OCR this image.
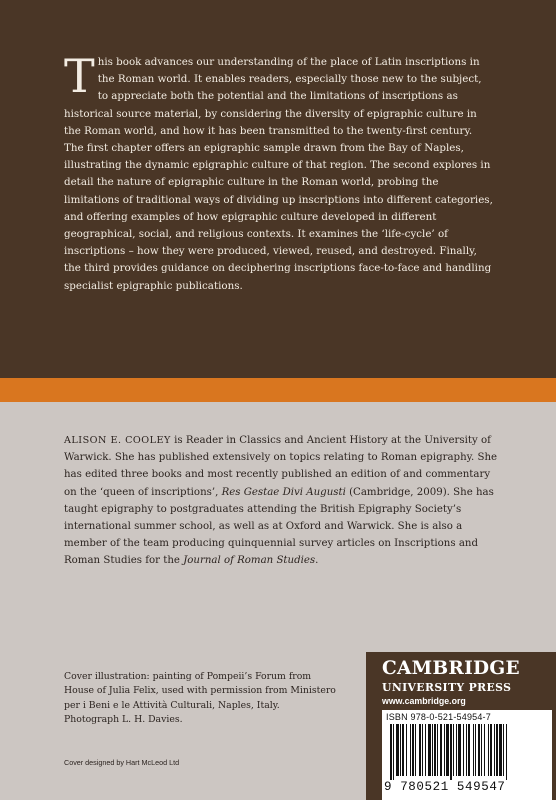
This book advances our understanding of the place of Latin inscriptions in the Roman world. It enables readers, especially those new to the subject, to appreciate both the potential and the limitations of inscriptions as historical source material, by considering the diversity of epigraphic culture in the Roman world, and how it has been transmitted to the twenty-first century. The first chapter offers an epigraphic sample drawn from the Bay of Naples, illustrating the dynamic epigraphic culture of that region. The second explores in detail the nature of epigraphic culture in the Roman world, probing the limitations of traditional ways of dividing up inscriptions into different categories, and offering examples of how epigraphic culture developed in different geographical, social, and religious contexts. It examines the ‘life-cycle’ of inscriptions – how they were produced, viewed, reused, and destroyed. Finally, the third provides guidance on deciphering inscriptions face-to-face and handling specialist epigraphic publications.
ALISON E. COOLEY is Reader in Classics and Ancient History at the University of Warwick. She has published extensively on topics relating to Roman epigraphy. She has edited three books and most recently published an edition of and commentary on the ‘queen of inscriptions’, Res Gestae Divi Augusti (Cambridge, 2009). She has taught epigraphy to postgraduates attending the British Epigraphy Society’s international summer school, as well as at Oxford and Warwick. She is also a member of the team producing quinquennial survey articles on Inscriptions and Roman Studies for the Journal of Roman Studies.
Cover illustration: painting of Pompeii’s Forum from House of Julia Felix, used with permission from Ministero per i Beni e le Attività Culturali, Naples, Italy. Photograph L. H. Davies.
Cover designed by Hart McLeod Ltd
CAMBRIDGE
UNIVERSITY PRESS
www.cambridge.org
ISBN 978-0-521-54954-7
9 780521 549547
